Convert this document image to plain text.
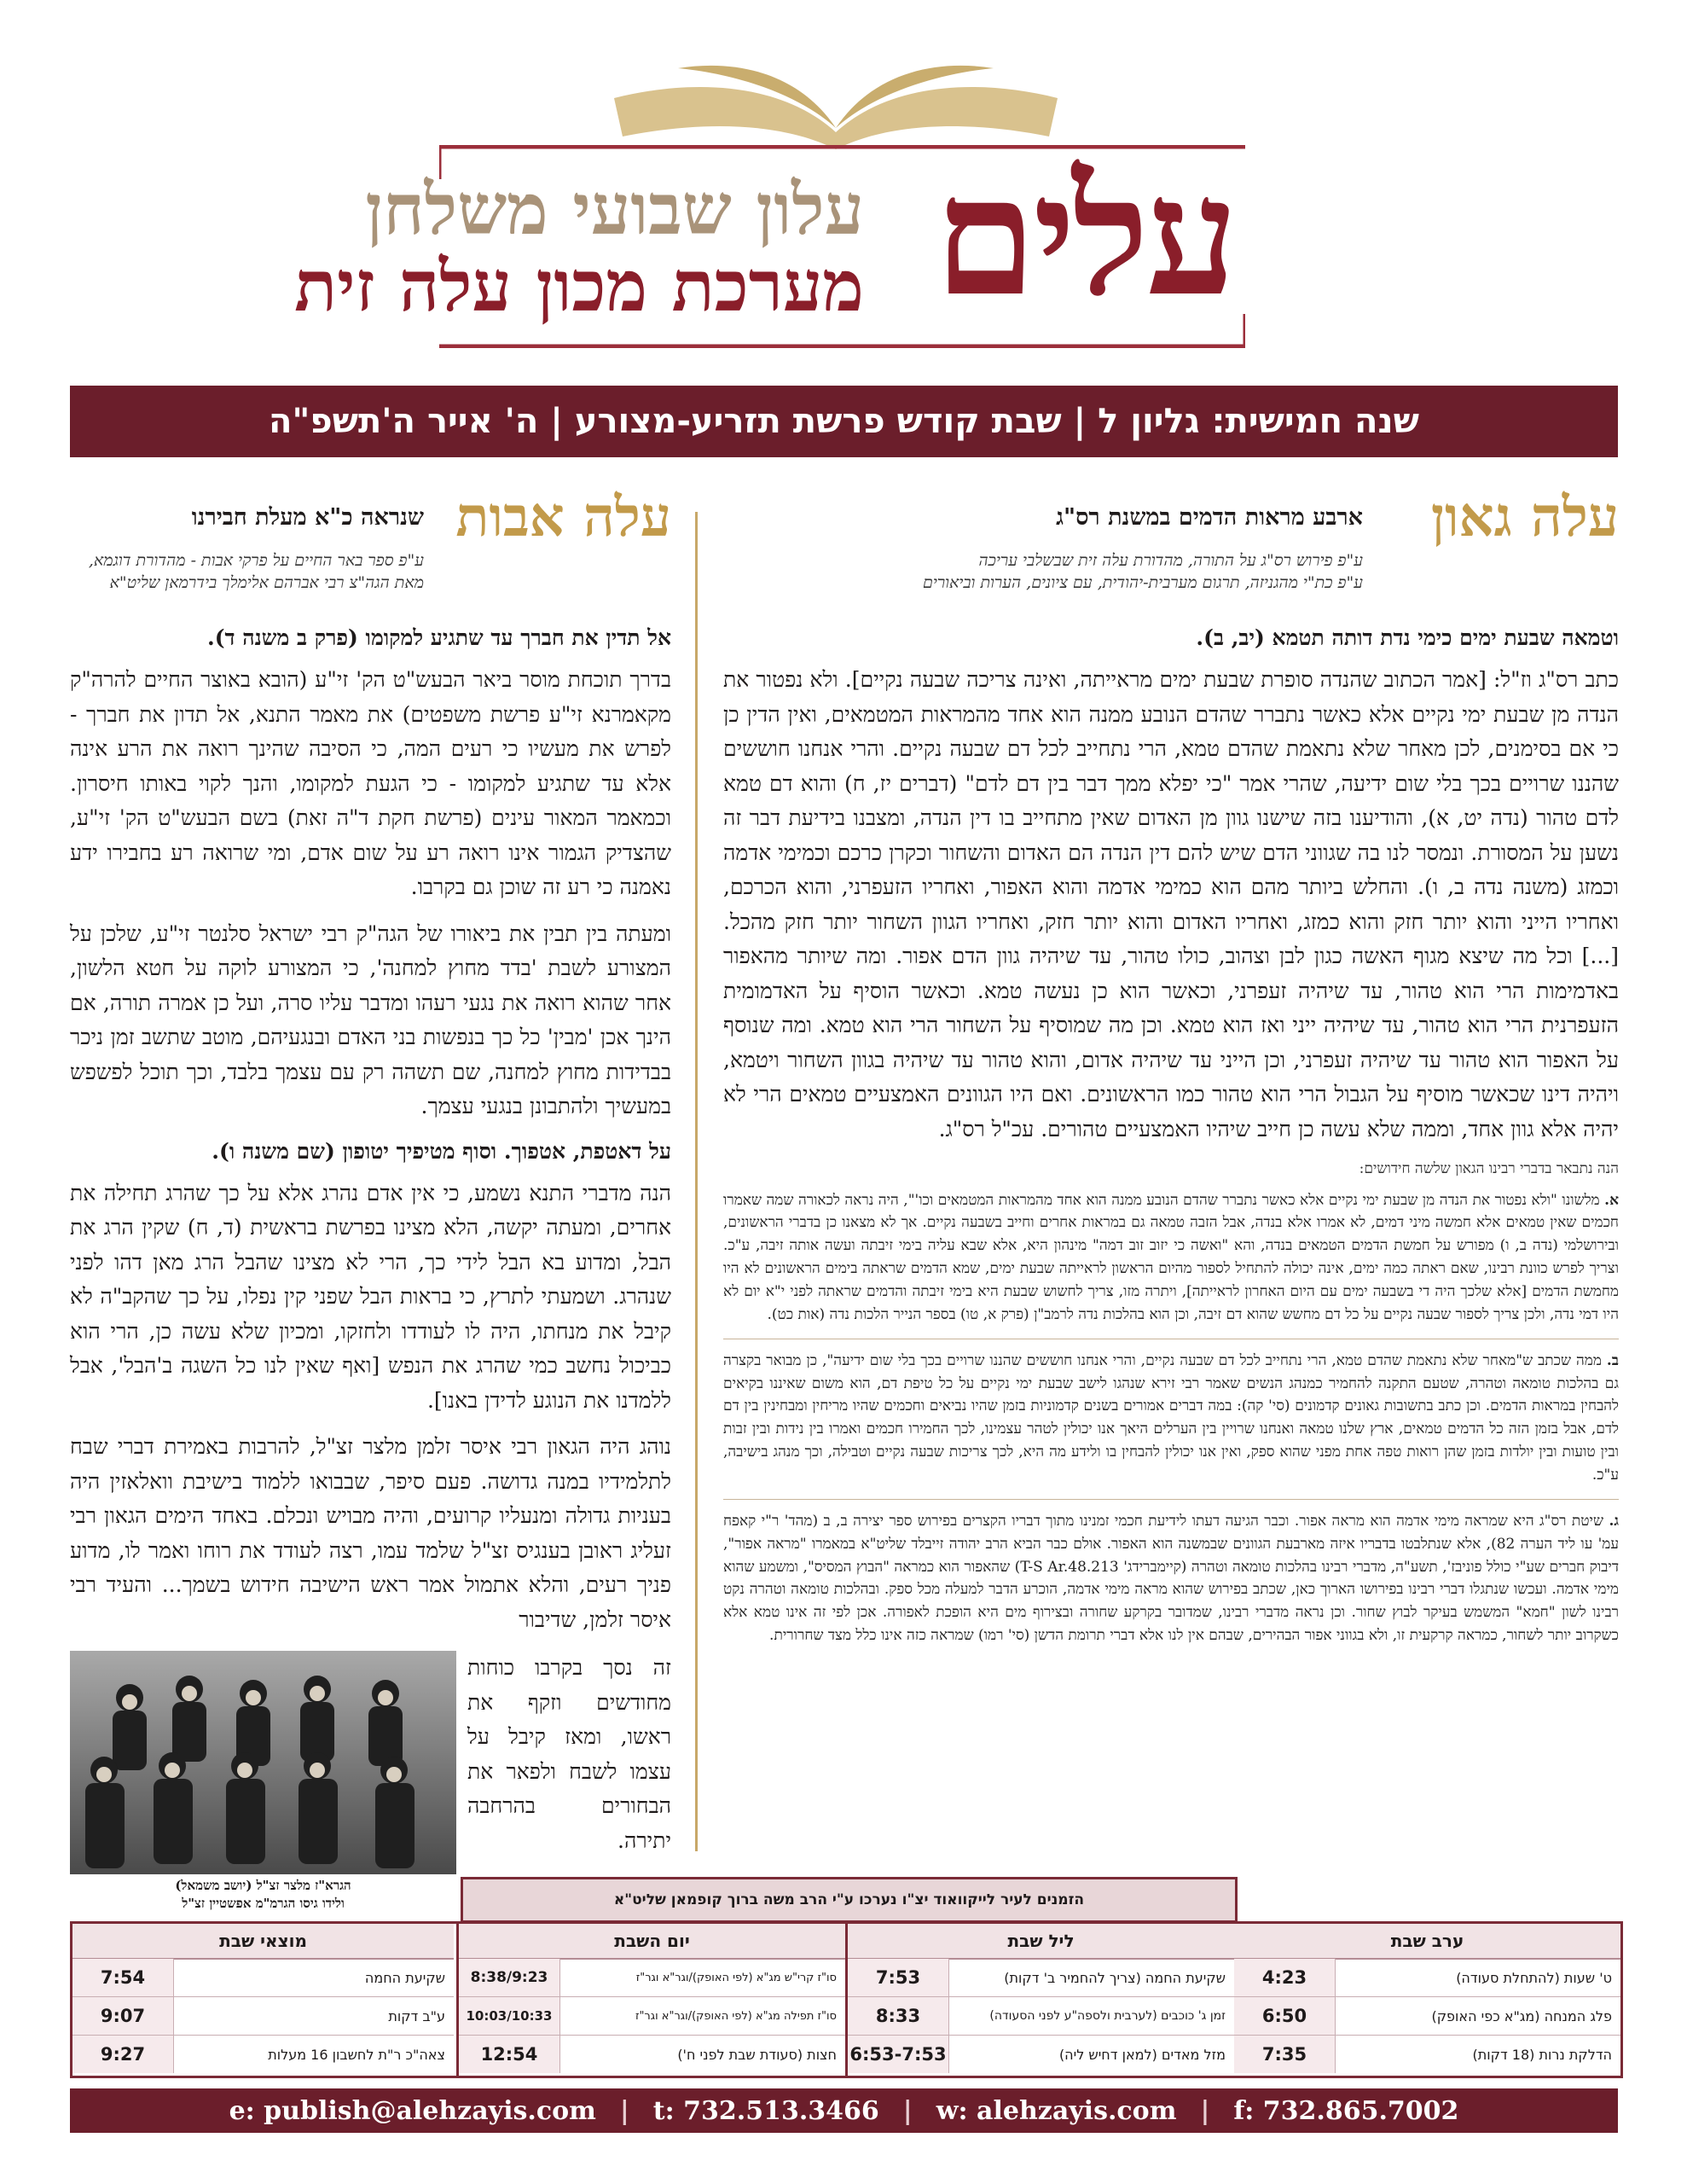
עלים
עלון שבועי משלחן
מערכת מכון עלה זית
שנה חמישית: גליון ל | שבת קודש פרשת תזריע-מצורע | ה' אייר ה'תשפ"ה
עלה גאון
ארבע מראות הדמים במשנת רס"ג
ע"פ פירוש רס"ג על התורה, מהדורת עלה זית שבשלבי עריכה
ע"פ כת"י מהגניזה, תרגום מערבית-יהודית, עם ציונים, הערות וביאורים

וטמאה שבעת ימים כימי נדת דותה תטמא (יב, ב).

כתב רס"ג וז"ל: [אמר הכתוב שהנדה סופרת שבעת ימים מראייתה, ואינה צריכה שבעה נקיים]. ולא נפטור את הנדה מן שבעת ימי נקיים אלא כאשר נתברר שהדם הנובע ממנה הוא אחד מהמראות המטמאים, ואין הדין כן כי אם בסימנים, לכן מאחר שלא נתאמת שהדם טמא, הרי נתחייב לכל דם שבעה נקיים. והרי אנחנו חוששים שהננו שרויים בכך בלי שום ידיעה, שהרי אמר "כי יפלא ממך דבר בין דם לדם" (דברים יז, ח) והוא דם טמא לדם טהור (נדה יט, א), והודיענו בזה שישנו גוון מן האדום שאין מתחייב בו דין הנדה, ומצבנו בידיעת דבר זה נשען על המסורת. ונמסר לנו בה שגווני הדם שיש להם דין הנדה הם האדום והשחור וכקרן כרכם וכמימי אדמה וכמזג (משנה נדה ב, ו). והחלש ביותר מהם הוא כמימי אדמה והוא האפור, ואחריו הזעפרני, והוא הכרכם, ואחריו הייני והוא יותר חזק והוא כמזג, ואחריו האדום והוא יותר חזק, ואחריו הגוון השחור יותר חזק מהכל. [...] וכל מה שיצא מגוף האשה כגון לבן וצהוב, כולו טהור, עד שיהיה גוון הדם אפור. ומה שיותר מהאפור באדמימות הרי הוא טהור, עד שיהיה זעפרני, וכאשר הוא כן נעשה טמא. וכאשר הוסיף על האדמומית הזעפרנית הרי הוא טהור, עד שיהיה ייני ואז הוא טמא. וכן מה שמוסיף על השחור הרי הוא טמא. ומה שנוסף על האפור הוא טהור עד שיהיה זעפרני, וכן הייני עד שיהיה אדום, והוא טהור עד שיהיה בגוון השחור ויטמא, ויהיה דינו שכאשר מוסיף על הגבול הרי הוא טהור כמו הראשונים. ואם היו הגוונים האמצעיים טמאים הרי לא יהיה אלא גוון אחד, וממה שלא עשה כן חייב שיהיו האמצעיים טהורים. עכ"ל רס"ג.

הנה נתבאר בדברי רבינו הגאון שלשה חידושים:

א. מלשונו "ולא נפטור את הנדה מן שבעת ימי נקיים אלא כאשר נתברר שהדם הנובע ממנה הוא אחד מהמראות המטמאים וכו'", היה נראה לכאורה שמה שאמרו חכמים שאין טמאים אלא חמשה מיני דמים, לא אמרו אלא בנדה, אבל הזבה טמאה גם במראות אחרים וחייב בשבעה נקיים. אך לא מצאנו כן בדברי הראשונים, ובירושלמי (נדה ב, ו) מפורש על חמשת הדמים הטמאים בנדה, והא "ואשה כי יזוב זוב דמה" מינהון היא, אלא שבא עליה בימי זיבתה ועשה אותה זיבה, ע"כ. וצריך לפרש כוונת רבינו, שאם ראתה כמה ימים, אינה יכולה להתחיל לספור מהיום הראשון לראייתה שבעת ימים, שמא הדמים שראתה בימים הראשונים לא היו מחמשת הדמים [אלא שלכך היה די בשבעה ימים עם היום האחרון לראייתה], ויתרה מזו, צריך לחשוש שבעת היא בימי זיבתה והדמים שראתה לפני י"א יום לא היו דמי נדה, ולכן צריך לספור שבעה נקיים על כל דם מחשש שהוא דם זיבה, וכן הוא בהלכות נדה לרמב"ן (פרק א, טו) בספר הנייר הלכות נדה (אות כט).

ב. ממה שכתב ש"מאחר שלא נתאמת שהדם טמא, הרי נתחייב לכל דם שבעה נקיים, והרי אנחנו חוששים שהננו שרויים בכך בלי שום ידיעה", כן מבואר בקצרה גם בהלכות טומאה וטהרה, שטעם התקנה להחמיר כמנהג הנשים שאמר רבי זירא שנהגו לישב שבעת ימי נקיים על כל טיפת דם, הוא משום שאיננו בקיאים להבחין במראות הדמים. וכן כתב בתשובות גאונים קדמונים (סי' קה): במה דברים אמורים בשנים קדמוניות בזמן שהיו נביאים וחכמים שהיו מריחין ומבחינין בין דם לדם, אבל בזמן הזה כל הדמים טמאים, ארץ שלנו טמאה ואנחנו שרויין בין הערלים היאך אנו יכולין לטהר עצמינו, לכך החמירו חכמים ואמרו בין נידות ובין זבות ובין טועות ובין יולדות בזמן שהן רואות טפה אחת מפני שהוא ספק, ואין אנו יכולין להבחין בו ולידע מה היא, לכך צריכות שבעה נקיים וטבילה, וכך מנהג בישיבה, ע"כ.

ג. שיטת רס"ג היא שמראה מימי אדמה הוא מראה אפור. וכבר הגיעה דעתו לידיעת חכמי זמנינו מתוך דבריו הקצרים בפירוש ספר יצירה ב, ב (מהד' ר"י קאפח עמ' עו ליד הערה 82), אלא שנתלבטו בדבריו איזה מארבעת הגוונים שבמשנה הוא האפור. אולם כבר הביא הרב יהודה זייבלד שליט"א במאמרו "מראה אפור", דיבוק חברים שע"י כולל פוניבז', תשע"ה, מדברי רבינו בהלכות טומאה וטהרה (קיימברידג' T-S Ar.48.213) שהאפור הוא כמראה "הבוץ המסיס", ומשמע שהוא מימי אדמה. ועכשו שנתגלו דברי רבינו בפירושו הארוך כאן, שכתב בפירוש שהוא מראה מימי אדמה, הוכרע הדבר למעלה מכל ספק. ובהלכות טומאה וטהרה נקט רבינו לשון "חמא" המשמש בעיקר לבוץ שחור. וכן נראה מדברי רבינו, שמדובר בקרקע שחורה ובצירוף מים היא הופכת לאפורה. אכן לפי זה אינו טמא אלא כשקרוב יותר לשחור, כמראה קרקעית זו, ולא בגווני אפור הבהירים, שבהם אין לנו אלא דברי תרומת הדשן (סי' רמו) שמראה כזה אינו כלל מצד שחרורית.

עלה אבות
שנראה כ"א מעלת חבירנו
ע"פ ספר באר החיים על פרקי אבות - מהדורת דוגמא,
מאת הגה"צ רבי אברהם אלימלך בידרמאן שליט"א

אל תדין את חברך עד שתגיע למקומו (פרק ב משנה ד).

בדרך תוכחת מוסר ביאר הבעש"ט הק' זי"ע (הובא באוצר החיים להרה"ק מקאמרנא זי"ע פרשת משפטים) את מאמר התנא, אל תדון את חברך - לפרש את מעשיו כי רעים המה, כי הסיבה שהינך רואה את הרע אינה אלא עד שתגיע למקומו - כי הגעת למקומו, והנך לקוי באותו חיסרון. וכמאמר המאור עינים (פרשת חקת ד"ה זאת) בשם הבעש"ט הק' זי"ע, שהצדיק הגמור אינו רואה רע על שום אדם, ומי שרואה רע בחבירו ידע נאמנה כי רע זה שוכן גם בקרבו.

ומעתה בין תבין את ביאורו של הגה"ק רבי ישראל סלנטר זי"ע, שלכן על המצורע לשבת 'בדד מחוץ למחנה', כי המצורע לוקה על חטא הלשון, אחר שהוא רואה את נגעי רעהו ומדבר עליו סרה, ועל כן אמרה תורה, אם הינך אכן 'מבין' כל כך בנפשות בני האדם ובנגעיהם, מוטב שתשב זמן ניכר בבדידות מחוץ למחנה, שם תשהה רק עם עצמך בלבד, וכך תוכל לפשפש במעשיך ולהתבונן בנגעי עצמך.

על דאטפת, אטפוך. וסוף מטיפיך יטופון (שם משנה ו).

הנה מדברי התנא נשמע, כי אין אדם נהרג אלא על כך שהרג תחילה את אחרים, ומעתה יקשה, הלא מצינו בפרשת בראשית (ד, ח) שקין הרג את הבל, ומדוע בא הבל לידי כך, הרי לא מצינו שהבל הרג מאן דהו לפני שנהרג. ושמעתי לתרץ, כי בראות הבל שפני קין נפלו, על כך שהקב"ה לא קיבל את מנחתו, היה לו לעודדו ולחזקו, ומכיון שלא עשה כן, הרי הוא כביכול נחשב כמי שהרג את הנפש [ואף שאין לנו כל השגה ב'הבל', אבל ללמדנו את הנוגע לדידן באנו].

נוהג היה הגאון רבי איסר זלמן מלצר זצ"ל, להרבות באמירת דברי שבח לתלמידיו במנה גדושה. פעם סיפר, שבבואו ללמוד בישיבת וואלאזין היה בעניות גדולה ומנעליו קרועים, והיה מבויש ונכלם. באחד הימים הגאון רבי זעליג ראובן בענגיס זצ"ל שלמד עמו, רצה לעודד את רוחו ואמר לו, מדוע פניך רעים, והלא אתמול אמר ראש הישיבה חידוש בשמך... והעיד רבי איסר זלמן, שדיבור

הגרא"ז מלצר זצ"ל (יושב משמאל)
ולידו גיסו הגרמ"מ אפשטיין זצ"ל
זה נסך בקרבו כוחות מחודשים וזקף את ראשו, ומאז קיבל על עצמו לשבח ולפאר את הבחורים בהרחבה יתירה.
הזמנים לעיר לייקוואוד יצ"ו נערכו ע"י הרב משה ברוך קופמאן שליט"א
ערב שבת
ט' שעות (להתחלת סעודה)
4:23
פלג המנחה (מג"א כפי האופק)
6:50
הדלקת נרות (18 דקות)
7:35
ליל שבת
שקיעת החמה (צריך להחמיר ב' דקות)
7:53
זמן ג' כוכבים (לערבית ולספה"ע לפני הסעודה)
8:33
מזל מאדים (למאן דחיש ליה)
6:53-7:53
יום השבת
סו"ז קרי"ש מג"א (לפי האופק)/וגר"א וגר"ז
8:38/9:23
סו"ז תפילה מג"א (לפי האופק)/וגר"א וגר"ז
10:03/10:33
חצות (סעודת שבת לפני ח')
12:54
מוצאי שבת
שקיעת החמה
7:54
ע"ב דקות
9:07
צאה"כ ר"ת לחשבון 16 מעלות
9:27
e: publish@alehzayis.com | t: 732.513.3466 | w: alehzayis.com | f: 732.865.7002
